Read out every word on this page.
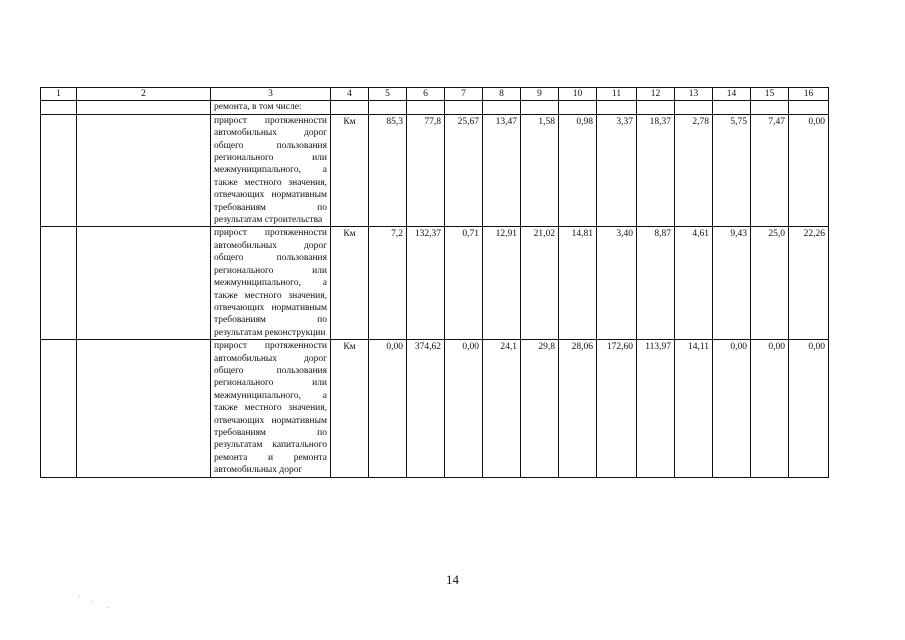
1	2	3	4	5	6	7	8	9	10	11	12	13	14	15	16
		ремонта, в том числе:													
		прирост протяженности автомобильных дорог общего пользования регионального или межмуниципального, а также местного значения, отвечающих нормативным требованиям по результатам строительства	Км	85,3	77,8	25,67	13,47	1,58	0,98	3,37	18,37	2,78	5,75	7,47	0,00
		прирост протяженности автомобильных дорог общего пользования регионального или межмуниципального, а также местного значения, отвечающих нормативным требованиям по результатам реконструкции	Км	7,2	132,37	0,71	12,91	21,02	14,81	3,40	8,87	4,61	9,43	25,0	22,26
		прирост протяженности автомобильных дорог общего пользования регионального или межмуниципального, а также местного значения, отвечающих нормативным требованиям по результатам капитального ремонта и ремонта автомобильных дорог	Км	0,00	374,62	0,00	24,1	29,8	28,06	172,60	113,97	14,11	0,00	0,00	0,00
14
